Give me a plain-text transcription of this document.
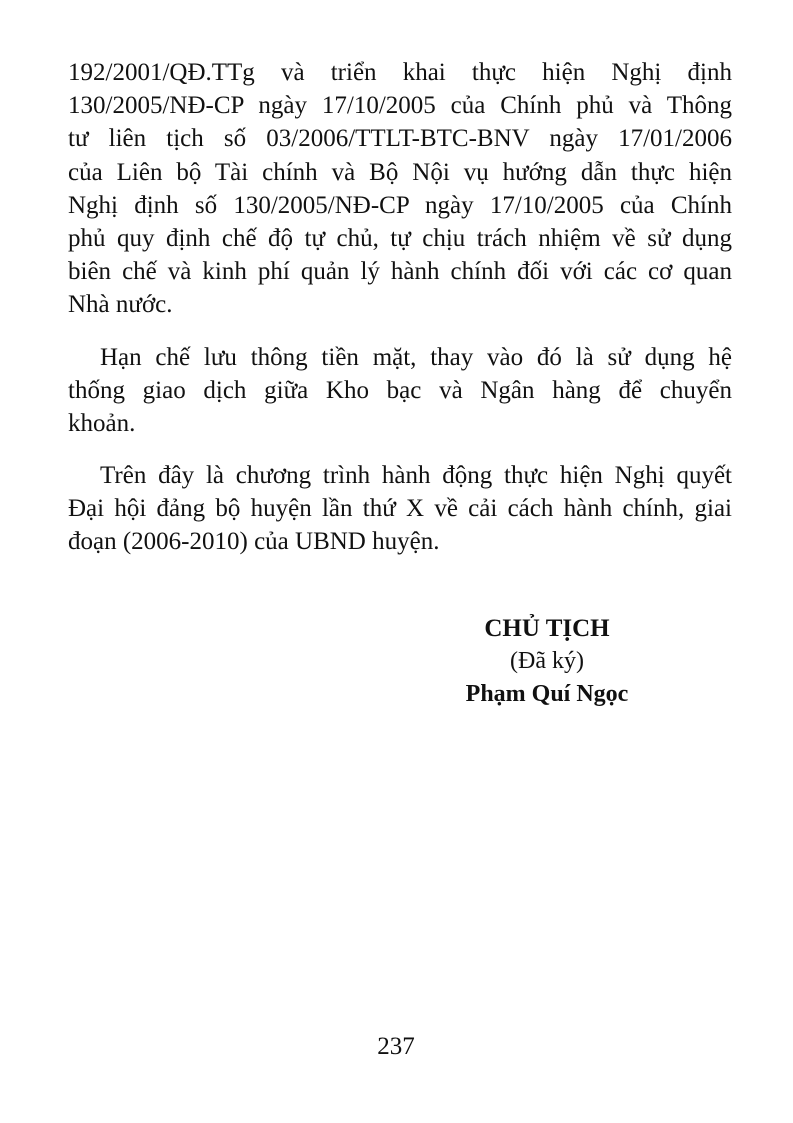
192/2001/QĐ.TTg và triển khai thực hiện Nghị định
130/2005/NĐ-CP ngày 17/10/2005 của Chính phủ và Thông
tư liên tịch số 03/2006/TTLT-BTC-BNV ngày 17/01/2006
của Liên bộ Tài chính và Bộ Nội vụ hướng dẫn thực hiện
Nghị định số 130/2005/NĐ-CP ngày 17/10/2005 của Chính
phủ quy định chế độ tự chủ, tự chịu trách nhiệm về sử dụng
biên chế và kinh phí quản lý hành chính đối với các cơ quan
Nhà nước.
Hạn chế lưu thông tiền mặt, thay vào đó là sử dụng hệ
thống giao dịch giữa Kho bạc và Ngân hàng để chuyển
khoản.
Trên đây là chương trình hành động thực hiện Nghị quyết
Đại hội đảng bộ huyện lần thứ X về cải cách hành chính, giai
đoạn (2006-2010) của UBND huyện.
CHỦ TỊCH
(Đã ký)
Phạm Quí Ngọc
237
